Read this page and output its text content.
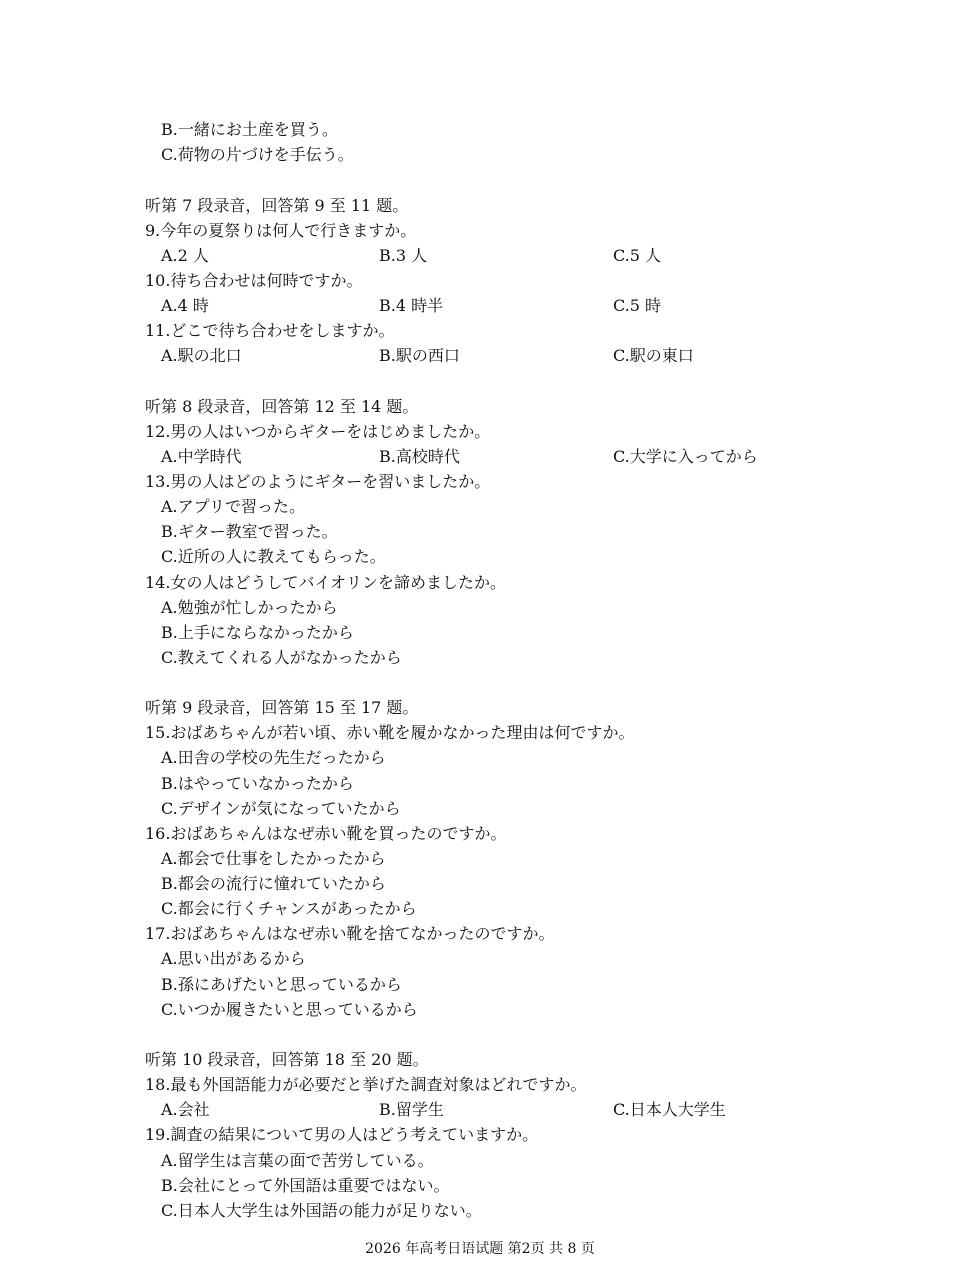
B.一緒にお土産を買う。
C.荷物の片づけを手伝う。
听第 7 段录音，回答第 9 至 11 题。
9.今年の夏祭りは何人で行きますか。
A.2 人	B.3 人	C.5 人
10.待ち合わせは何時ですか。
A.4 時	B.4 時半	C.5 時
11.どこで待ち合わせをしますか。
A.駅の北口	B.駅の西口	C.駅の東口
听第 8 段录音，回答第 12 至 14 题。
12.男の人はいつからギターをはじめましたか。
A.中学時代	B.高校時代	C.大学に入ってから
13.男の人はどのようにギターを習いましたか。
A.アプリで習った。
B.ギター教室で習った。
C.近所の人に教えてもらった。
14.女の人はどうしてバイオリンを諦めましたか。
A.勉強が忙しかったから
B.上手にならなかったから
C.教えてくれる人がなかったから
听第 9 段录音，回答第 15 至 17 题。
15.おばあちゃんが若い頃、赤い靴を履かなかった理由は何ですか。
A.田舎の学校の先生だったから
B.はやっていなかったから
C.デザインが気になっていたから
16.おばあちゃんはなぜ赤い靴を買ったのですか。
A.都会で仕事をしたかったから
B.都会の流行に憧れていたから
C.都会に行くチャンスがあったから
17.おばあちゃんはなぜ赤い靴を捨てなかったのですか。
A.思い出があるから
B.孫にあげたいと思っているから
C.いつか履きたいと思っているから
听第 10 段录音，回答第 18 至 20 题。
18.最も外国語能力が必要だと挙げた調査対象はどれですか。
A.会社	B.留学生	C.日本人大学生
19.調査の結果について男の人はどう考えていますか。
A.留学生は言葉の面で苦労している。
B.会社にとって外国語は重要ではない。
C.日本人大学生は外国語の能力が足りない。
2026 年高考日语试题 第2页 共 8 页
